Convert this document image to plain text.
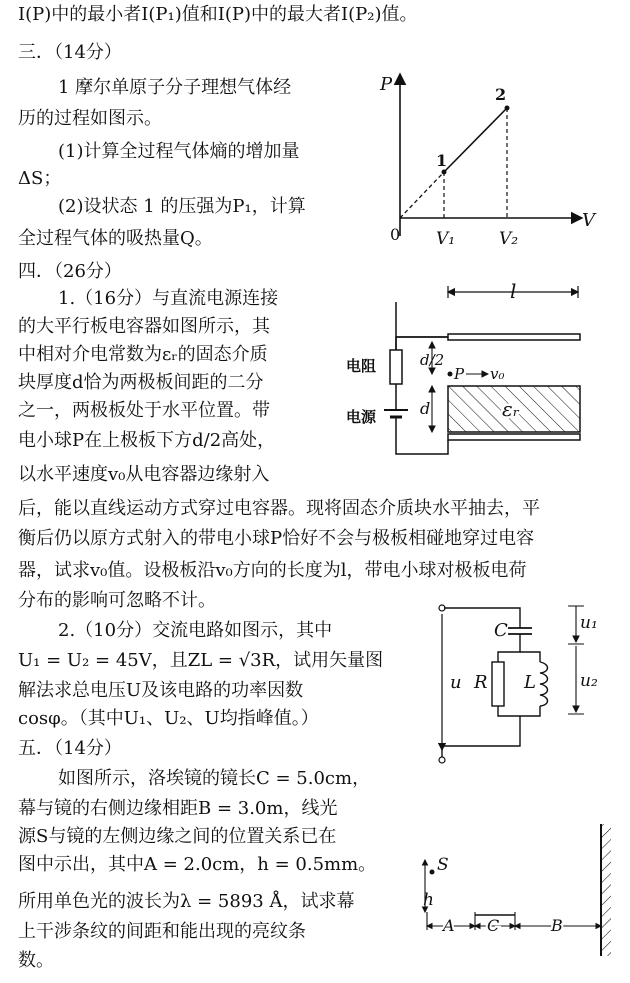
I(P)中的最小者I(P₁)值和I(P)中的最大者I(P₂)值。
三．（14分）
1 摩尔单原子分子理想气体经
历的过程如图示。
(1)计算全过程气体熵的增加量
ΔS；
(2)设状态 1 的压强为P₁，计算
全过程气体的吸热量Q。
四．（26分）
1.（16分）与直流电源连接
的大平行板电容器如图所示，其
中相对介电常数为εᵣ的固态介质
块厚度d恰为两极板间距的二分
之一，两极板处于水平位置。带
电小球P在上极板下方d/2高处，
以水平速度v₀从电容器边缘射入
后，能以直线运动方式穿过电容器。现将固态介质块水平抽去，平
衡后仍以原方式射入的带电小球P恰好不会与极板相碰地穿过电容
器，试求v₀值。设极板沿v₀方向的长度为l，带电小球对极板电荷
分布的影响可忽略不计。
2.（10分）交流电路如图示，其中
U₁ = U₂ = 45V，且ZL = √3R，试用矢量图
解法求总电压U及该电路的功率因数
cosφ。（其中U₁、U₂、U均指峰值。）
五．（14分）
如图所示，洛埃镜的镜长C = 5.0cm，
幕与镜的右侧边缘相距B = 3.0m，线光
源S与镜的左侧边缘之间的位置关系已在
图中示出，其中A = 2.0cm，h = 0.5mm。
所用单色光的波长为λ = 5893 Å，试求幕
上干涉条纹的间距和能出现的亮纹条
数。
P
V
0 V₁	V₂
1
2
l
εᵣ
电阻
电源
d/2
d
P v₀
C
R L
u
u₁
u₂
S
h
A C	B
